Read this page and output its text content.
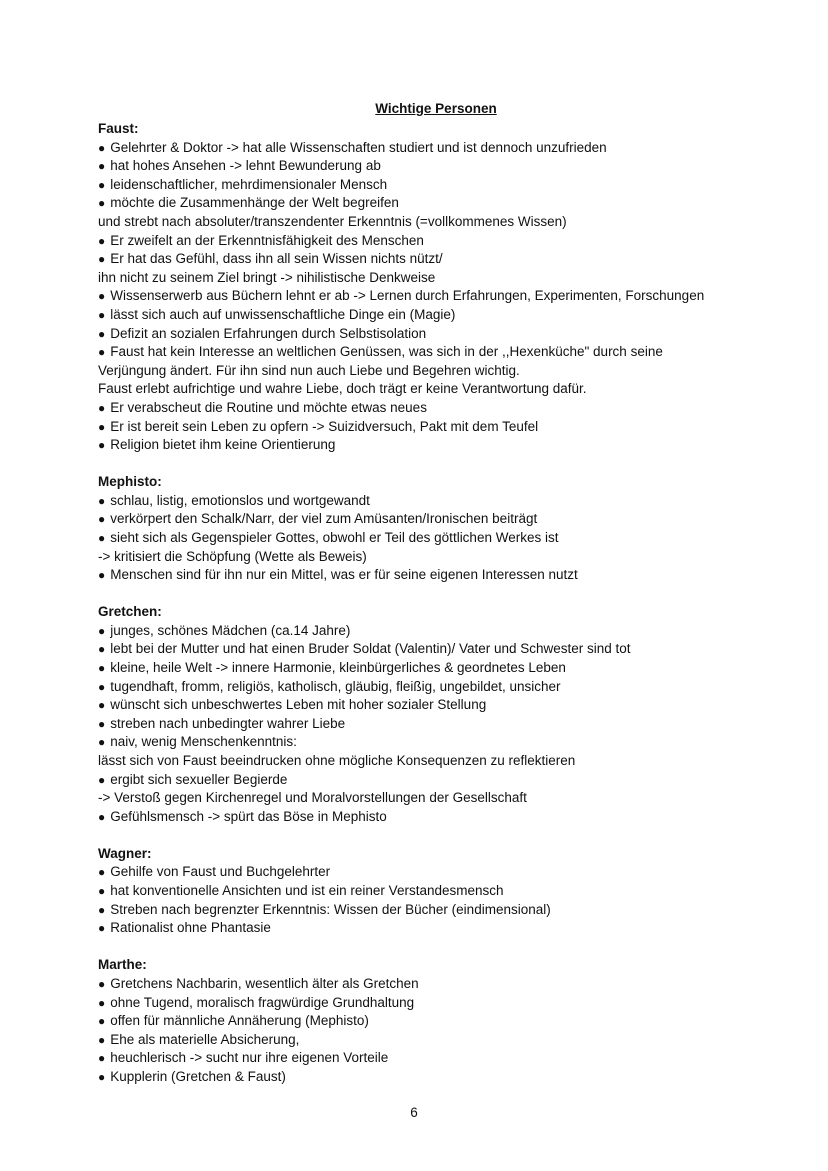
Wichtige Personen
Faust:
● Gelehrter & Doktor -> hat alle Wissenschaften studiert und ist dennoch unzufrieden
● hat hohes Ansehen -> lehnt Bewunderung ab
● leidenschaftlicher, mehrdimensionaler Mensch
● möchte die Zusammenhänge der Welt begreifen
und strebt nach absoluter/transzendenter Erkenntnis (=vollkommenes Wissen)
● Er zweifelt an der Erkenntnisfähigkeit des Menschen
● Er hat das Gefühl, dass ihn all sein Wissen nichts nützt/
ihn nicht zu seinem Ziel bringt -> nihilistische Denkweise
● Wissenserwerb aus Büchern lehnt er ab -> Lernen durch Erfahrungen, Experimenten, Forschungen
● lässt sich auch auf unwissenschaftliche Dinge ein (Magie)
● Defizit an sozialen Erfahrungen durch Selbstisolation
● Faust hat kein Interesse an weltlichen Genüssen, was sich in der ,,Hexenküche" durch seine
Verjüngung ändert. Für ihn sind nun auch Liebe und Begehren wichtig.
Faust erlebt aufrichtige und wahre Liebe, doch trägt er keine Verantwortung dafür.
● Er verabscheut die Routine und möchte etwas neues
● Er ist bereit sein Leben zu opfern -> Suizidversuch, Pakt mit dem Teufel
● Religion bietet ihm keine Orientierung
Mephisto:
● schlau, listig, emotionslos und wortgewandt
● verkörpert den Schalk/Narr, der viel zum Amüsanten/Ironischen beiträgt
● sieht sich als Gegenspieler Gottes, obwohl er Teil des göttlichen Werkes ist
-> kritisiert die Schöpfung (Wette als Beweis)
● Menschen sind für ihn nur ein Mittel, was er für seine eigenen Interessen nutzt
Gretchen:
● junges, schönes Mädchen (ca.14 Jahre)
● lebt bei der Mutter und hat einen Bruder Soldat (Valentin)/ Vater und Schwester sind tot
● kleine, heile Welt -> innere Harmonie, kleinbürgerliches & geordnetes Leben
● tugendhaft, fromm, religiös, katholisch, gläubig, fleißig, ungebildet, unsicher
● wünscht sich unbeschwertes Leben mit hoher sozialer Stellung
● streben nach unbedingter wahrer Liebe
● naiv, wenig Menschenkenntnis:
lässt sich von Faust beeindrucken ohne mögliche Konsequenzen zu reflektieren
● ergibt sich sexueller Begierde
-> Verstoß gegen Kirchenregel und Moralvorstellungen der Gesellschaft
● Gefühlsmensch -> spürt das Böse in Mephisto
Wagner:
● Gehilfe von Faust und Buchgelehrter
● hat konventionelle Ansichten und ist ein reiner Verstandesmensch
● Streben nach begrenzter Erkenntnis: Wissen der Bücher (eindimensional)
● Rationalist ohne Phantasie
Marthe:
● Gretchens Nachbarin, wesentlich älter als Gretchen
● ohne Tugend, moralisch fragwürdige Grundhaltung
● offen für männliche Annäherung (Mephisto)
● Ehe als materielle Absicherung,
● heuchlerisch -> sucht nur ihre eigenen Vorteile
● Kupplerin (Gretchen & Faust)
6
